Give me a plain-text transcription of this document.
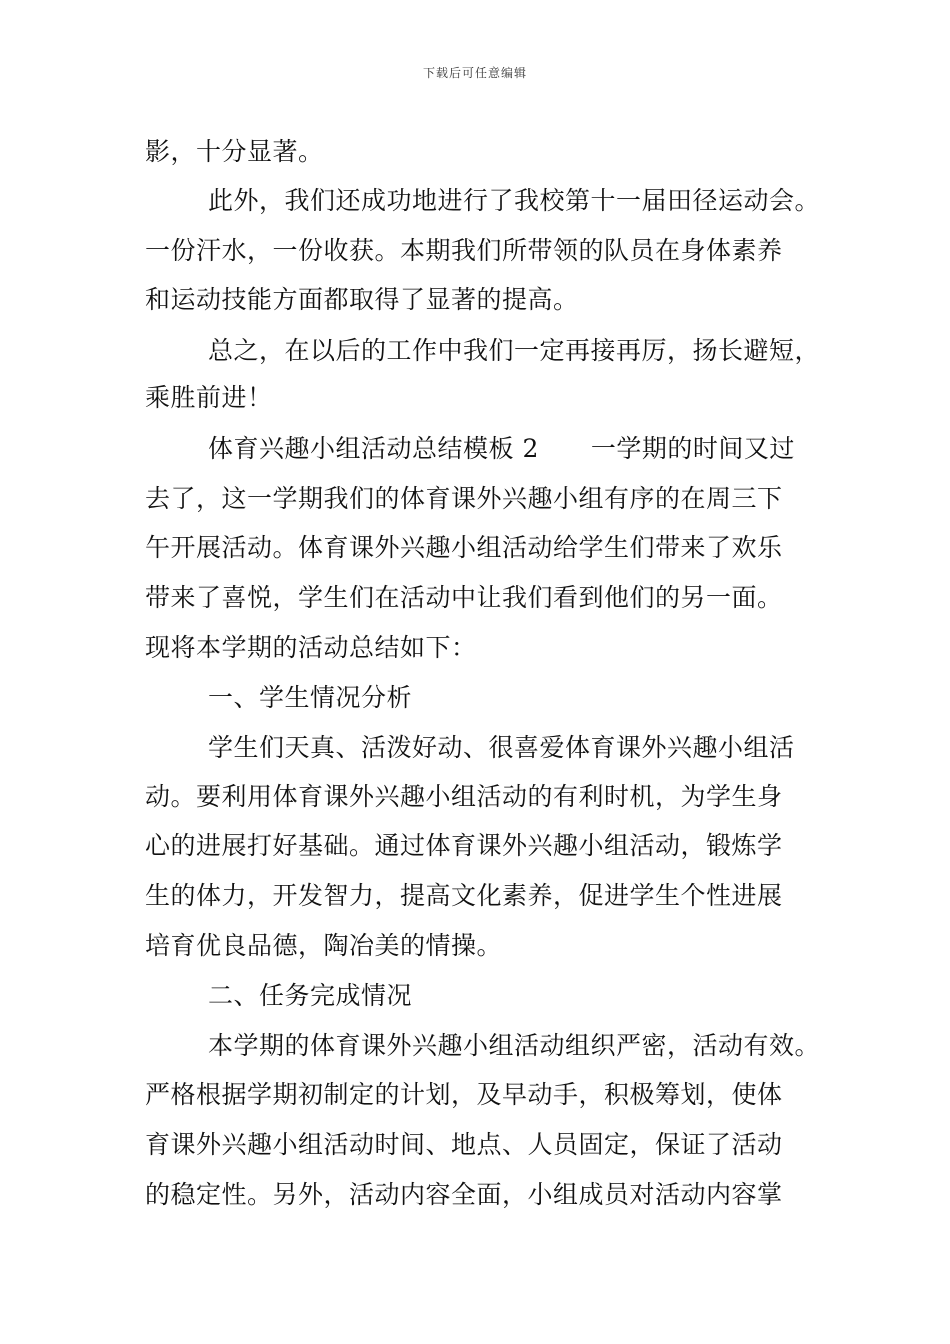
下载后可任意编辑
影，十分显著。
此外，我们还成功地进行了我校第十一届田径运动会。
一份汗水，一份收获。本期我们所带领的队员在身体素养
和运动技能方面都取得了显著的提高。
总之，在以后的工作中我们一定再接再厉，扬长避短，
乘胜前进！
体育兴趣小组活动总结模板 2 一学期的时间又过
去了，这一学期我们的体育课外兴趣小组有序的在周三下
午开展活动。体育课外兴趣小组活动给学生们带来了欢乐
带来了喜悦，学生们在活动中让我们看到他们的另一面。
现将本学期的活动总结如下：
一、学生情况分析
学生们天真、活泼好动、很喜爱体育课外兴趣小组活
动。要利用体育课外兴趣小组活动的有利时机，为学生身
心的进展打好基础。通过体育课外兴趣小组活动，锻炼学
生的体力，开发智力，提高文化素养，促进学生个性进展
培育优良品德，陶冶美的情操。
二、任务完成情况
本学期的体育课外兴趣小组活动组织严密，活动有效。
严格根据学期初制定的计划，及早动手，积极筹划，使体
育课外兴趣小组活动时间、地点、人员固定，保证了活动
的稳定性。另外，活动内容全面，小组成员对活动内容掌
